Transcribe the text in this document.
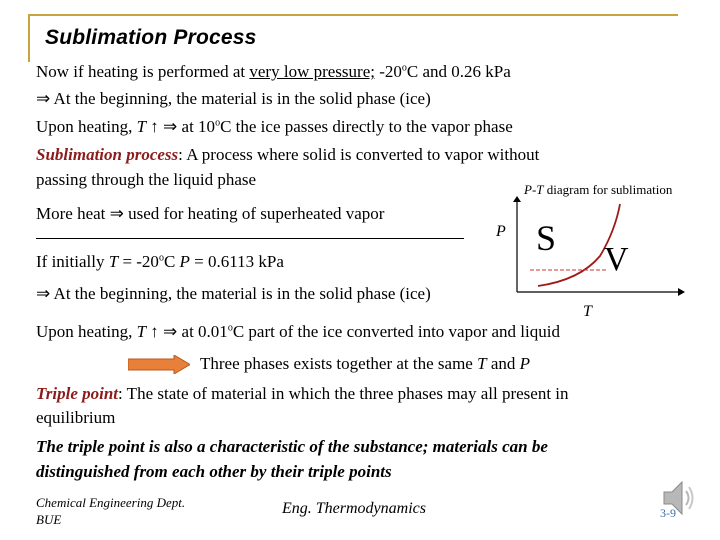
Sublimation Process
Now if heating is performed at very low pressure; -20$^o$C and 0.26 kPa
⇒ At the beginning, the material is in the solid phase (ice)
Upon heating, T ↑ ⇒ at 10$^o$C the ice passes directly to the vapor phase
Sublimation process: A process where solid is converted to vapor without
passing through the liquid phase
More heat ⇒ used for heating of superheated vapor
If initially $T = -20^oC$ P = 0.6113 kPa
⇒ At the beginning, the material is in the solid phase (ice)
Upon heating, T ↑ ⇒ at 0.01$^o$C part of the ice converted into vapor and liquid
Three phases exists together at the same T and P
Triple point: The state of material in which the three phases may all present in
equilibrium
The triple point is also a characteristic of the substance; materials can be
distinguished from each other by their triple points
P-T diagram for sublimation
P S
V
T
Chemical Engineering Dept.
BUE
Eng. Thermodynamics	3-9
